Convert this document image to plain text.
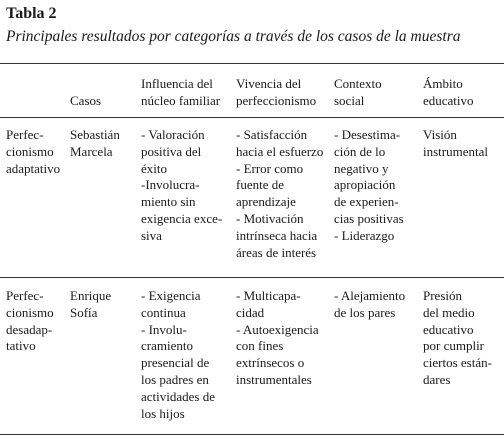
Tabla 2
Principales resultados por categorías a través de los casos de la muestra
Casos
Influencia del
núcleo familiar
Vivencia del
perfeccionismo
Contexto
social
Ámbito
educativo
Perfec-
cionismo
adaptativo
Sebastián
Marcela
- Valoración
positiva del
éxito
-Involucra-
miento sin
exigencia exce-
siva
- Satisfacción
hacia el esfuerzo
- Error como
fuente de
aprendizaje
- Motivación
intrínseca hacia
áreas de interés
- Desestima-
ción de lo
negativo y
apropiación
de experien-
cias positivas
- Liderazgo
Visión
instrumental
Perfec-
cionismo
desadap-
tativo
Enrique
Sofía
- Exigencia
continua
- Involu-
cramiento
presencial de
los padres en
actividades de
los hijos
- Multicapa-
cidad
- Autoexigencia
con fines
extrínsecos o
instrumentales
- Alejamiento
de los pares
Presión
del medio
educativo
por cumplir
ciertos están-
dares
